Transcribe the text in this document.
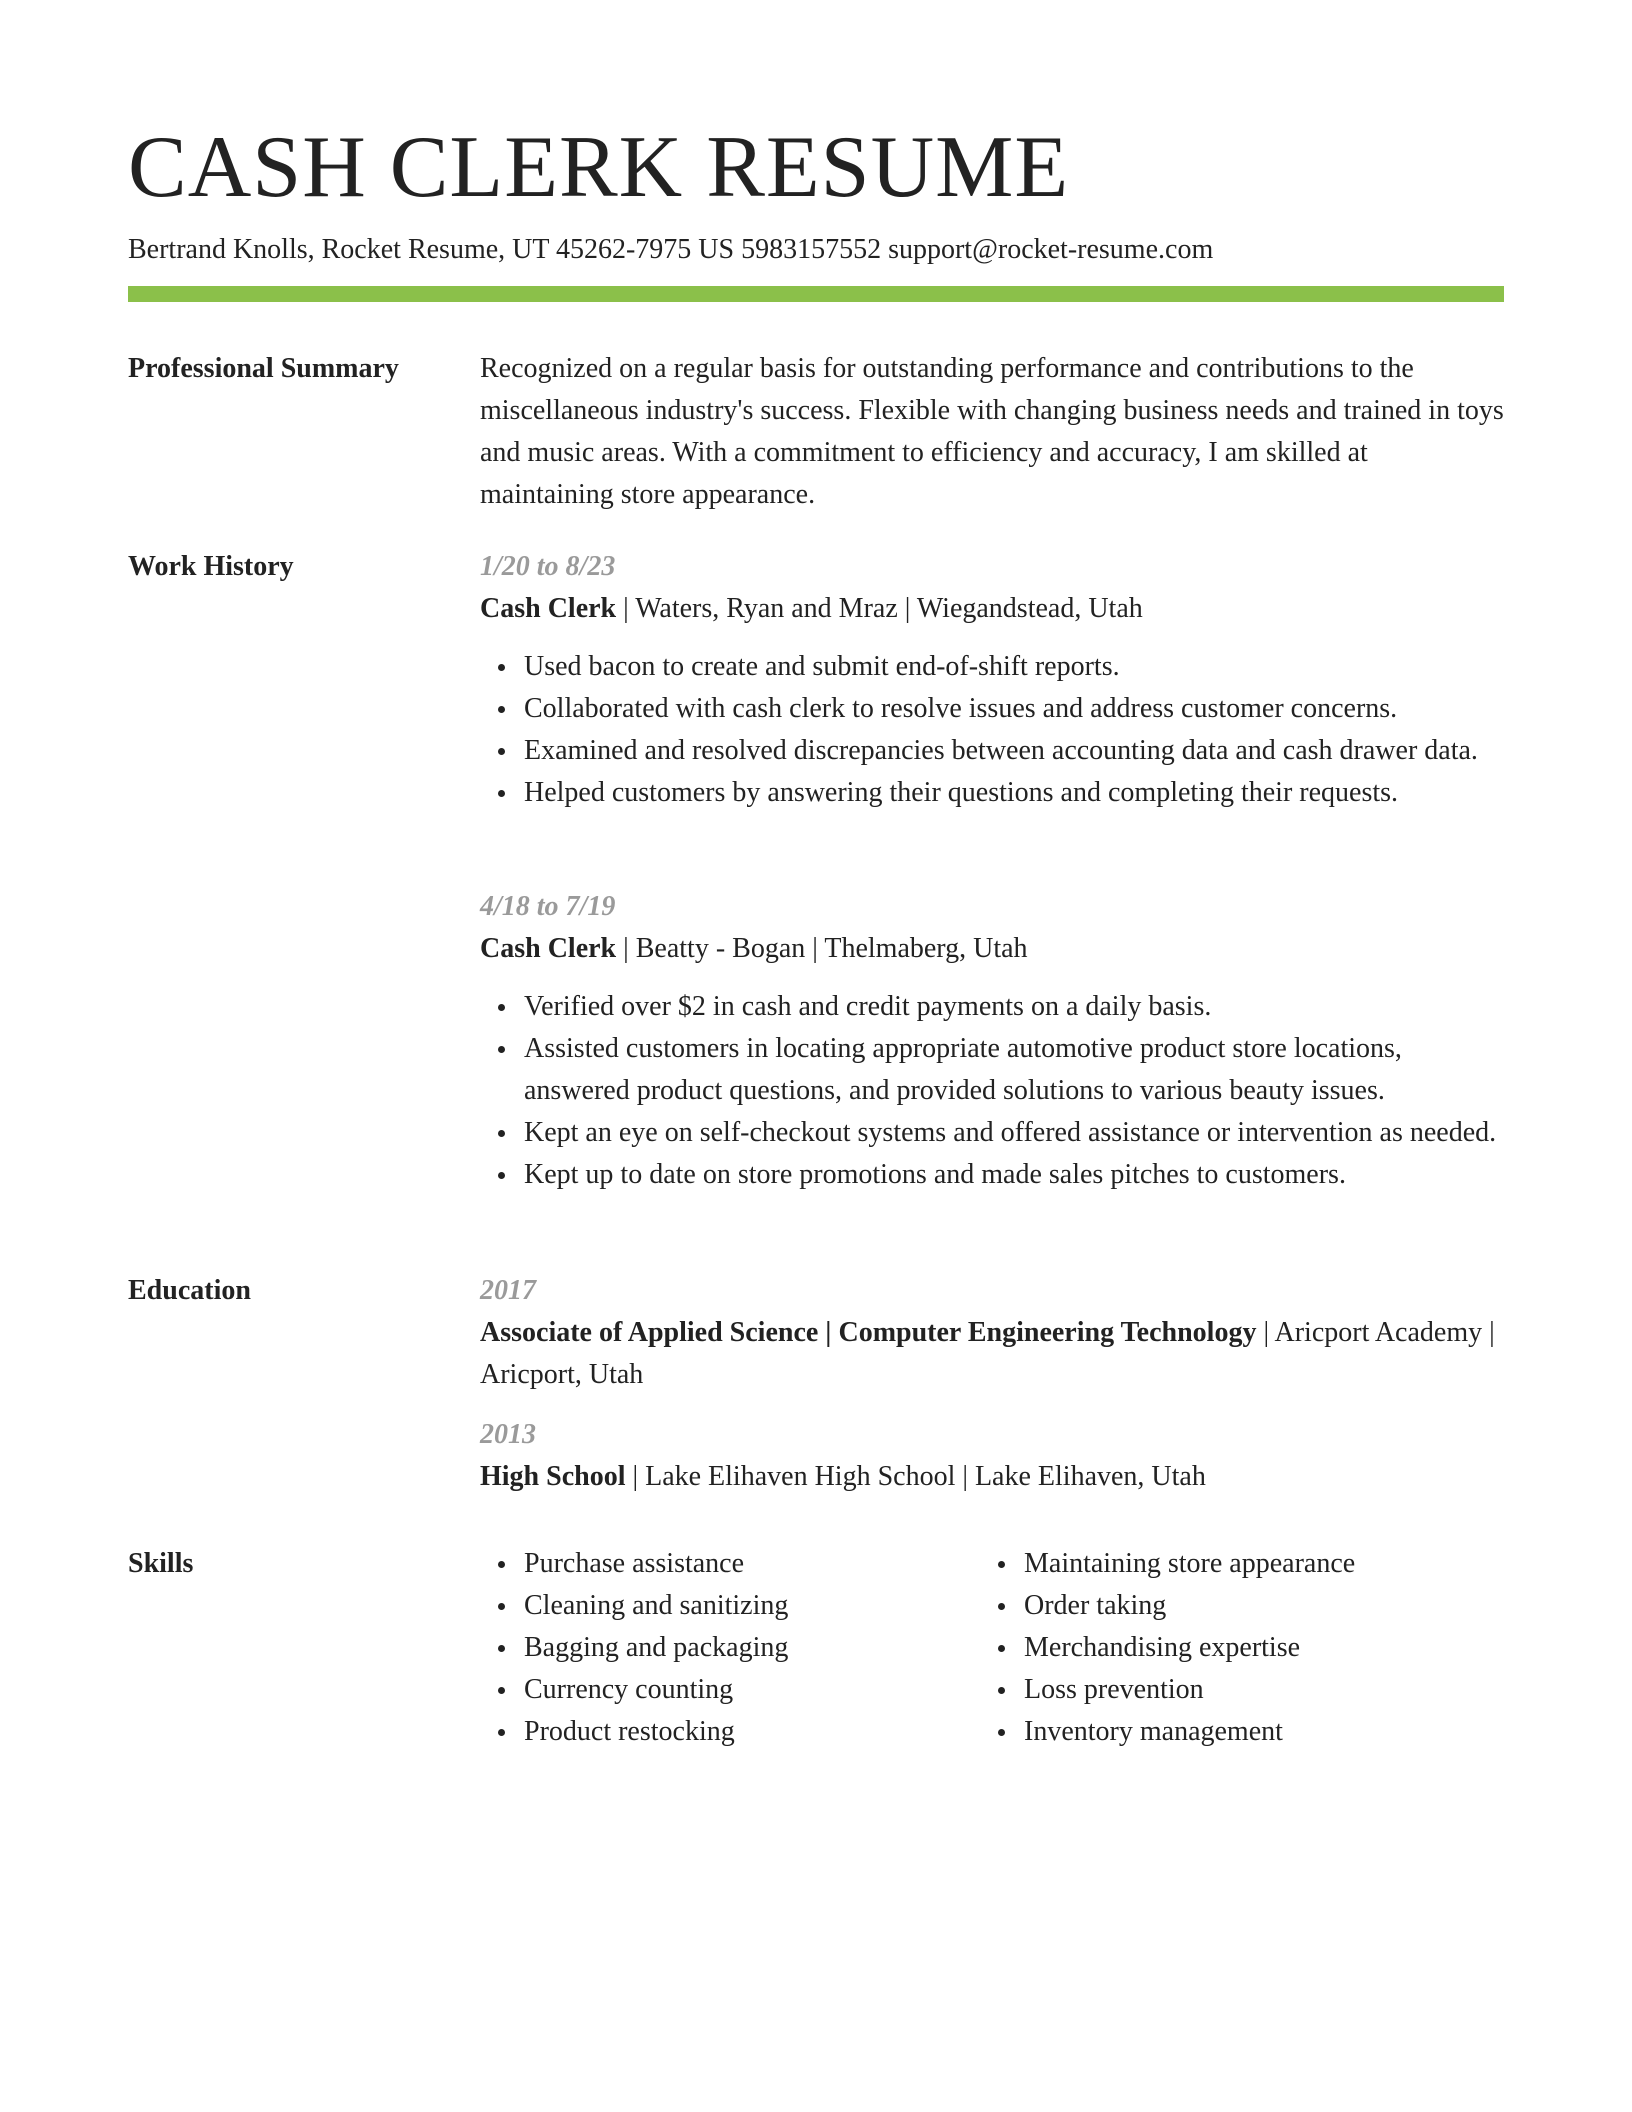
CASH CLERK RESUME
Bertrand Knolls, Rocket Resume, UT 45262-7975 US 5983157552 support@rocket-resume.com
Professional Summary	Recognized on a regular basis for outstanding performance and contributions to the miscellaneous industry's success. Flexible with changing business needs and trained in toys and music areas. With a commitment to efficiency and accuracy, I am skilled at maintaining store appearance.

Work History	1/20 to 8/23
Cash Clerk | Waters, Ryan and Mraz | Wiegandstead, Utah
Used bacon to create and submit end-of-shift reports.
Collaborated with cash clerk to resolve issues and address customer concerns.
Examined and resolved discrepancies between accounting data and cash drawer data.
Helped customers by answering their questions and completing their requests.
4/18 to 7/19
Cash Clerk | Beatty - Bogan | Thelmaberg, Utah
Verified over $2 in cash and credit payments on a daily basis.
Assisted customers in locating appropriate automotive product store locations, answered product questions, and provided solutions to various beauty issues.
Kept an eye on self-checkout systems and offered assistance or intervention as needed.
Kept up to date on store promotions and made sales pitches to customers.
Education	2017
Associate of Applied Science | Computer Engineering Technology | Aricport Academy | Aricport, Utah
2013
High School | Lake Elihaven High School | Lake Elihaven, Utah
Skills	Purchase assistance
Cleaning and sanitizing
Bagging and packaging
Currency counting
Product restocking
Maintaining store appearance
Order taking
Merchandising expertise
Loss prevention
Inventory management
